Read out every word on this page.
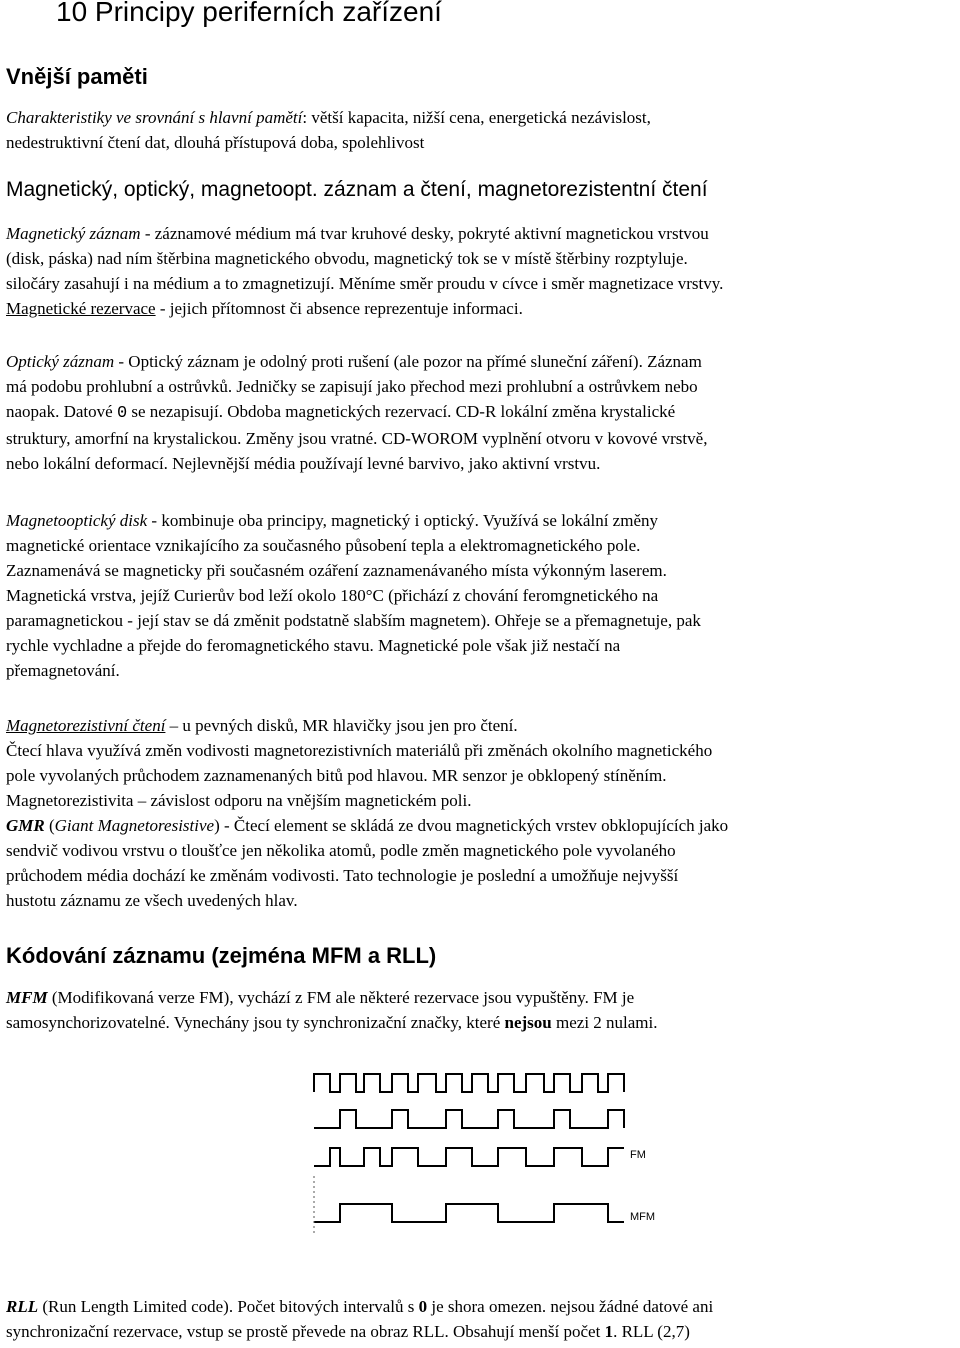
10 Principy periferních zařízení
Vnější paměti
Charakteristiky ve srovnání s hlavní pamětí: větší kapacita, nižší cena, energetická nezávislost,
nedestruktivní čtení dat, dlouhá přístupová doba, spolehlivost
Magnetický, optický, magnetoopt. záznam a čtení, magnetorezistentní čtení
Magnetický záznam - záznamové médium má tvar kruhové desky, pokryté aktivní magnetickou vrstvou
(disk, páska) nad ním štěrbina magnetického obvodu, magnetický tok se v místě štěrbiny rozptyluje.
siločáry zasahují i na médium a to zmagnetizují. Měníme směr proudu v cívce i směr magnetizace vrstvy.
Magnetické rezervace - jejich přítomnost či absence reprezentuje informaci.
Optický záznam - Optický záznam je odolný proti rušení (ale pozor na přímé sluneční záření). Záznam
má podobu prohlubní a ostrůvků. Jedničky se zapisují jako přechod mezi prohlubní a ostrůvkem nebo
naopak. Datové 0 se nezapisují. Obdoba magnetických rezervací. CD-R lokální změna krystalické
struktury, amorfní na krystalickou. Změny jsou vratné. CD-WOROM vyplnění otvoru v kovové vrstvě,
nebo lokální deformací. Nejlevnější média používají levné barvivo, jako aktivní vrstvu.
Magnetooptický disk - kombinuje oba principy, magnetický i optický. Využívá se lokální změny
magnetické orientace vznikajícího za současného působení tepla a elektromagnetického pole.
Zaznamenává se magneticky při současném ozáření zaznamenávaného místa výkonným laserem.
Magnetická vrstva, jejíž Curierův bod leží okolo 180°C (přichází z chování feromgnetického na
paramagnetickou - její stav se dá změnit podstatně slabším magnetem). Ohřeje se a přemagnetuje, pak
rychle vychladne a přejde do feromagnetického stavu. Magnetické pole však již nestačí na
přemagnetování.
Magnetorezistivní čtení – u pevných disků, MR hlavičky jsou jen pro čtení.
Čtecí hlava využívá změn vodivosti magnetorezistivních materiálů při změnách okolního magnetického
pole vyvolaných průchodem zaznamenaných bitů pod hlavou. MR senzor je obklopený stíněním.
Magnetorezistivita – závislost odporu na vnějším magnetickém poli.
GMR (Giant Magnetoresistive) - Čtecí element se skládá ze dvou magnetických vrstev obklopujících jako
sendvič vodivou vrstvu o tloušťce jen několika atomů, podle změn magnetického pole vyvolaného
průchodem média dochází ke změnám vodivosti. Tato technologie je poslední a umožňuje nejvyšší
hustotu záznamu ze všech uvedených hlav.
Kódování záznamu (zejména MFM a RLL)
MFM (Modifikovaná verze FM), vychází z FM ale některé rezervace jsou vypuštěny. FM je
samosynchorizovatelné. Vynechány jsou ty synchronizační značky, které nejsou mezi 2 nulami.
FM
MFM
RLL (Run Length Limited code). Počet bitových intervalů s 0 je shora omezen. nejsou žádné datové ani
synchronizační rezervace, vstup se prostě převede na obraz RLL. Obsahují menší počet 1. RLL (2,7)
